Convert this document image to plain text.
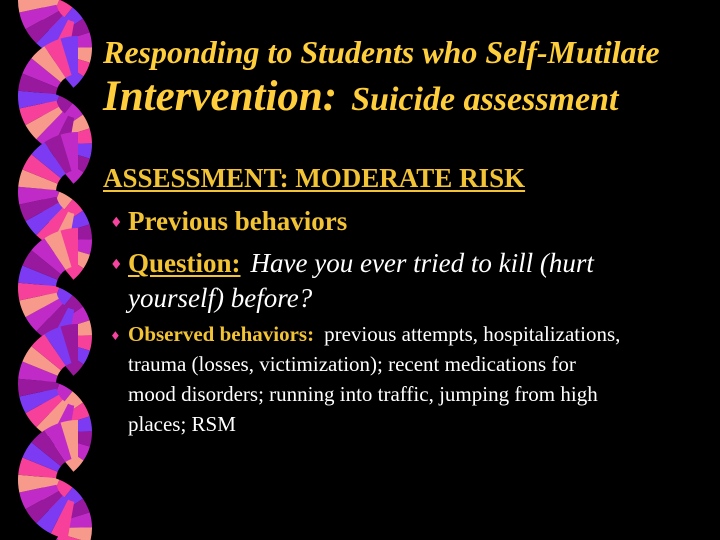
Responding to Students who Self-Mutilate
Intervention: Suicide assessment
ASSESSMENT: MODERATE RISK
♦ Previous behaviors
♦ Question: Have you ever tried to kill (hurt
yourself) before?
♦ Observed behaviors: previous attempts, hospitalizations,
trauma (losses, victimization); recent medications for
mood disorders; running into traffic, jumping from high
places; RSM
